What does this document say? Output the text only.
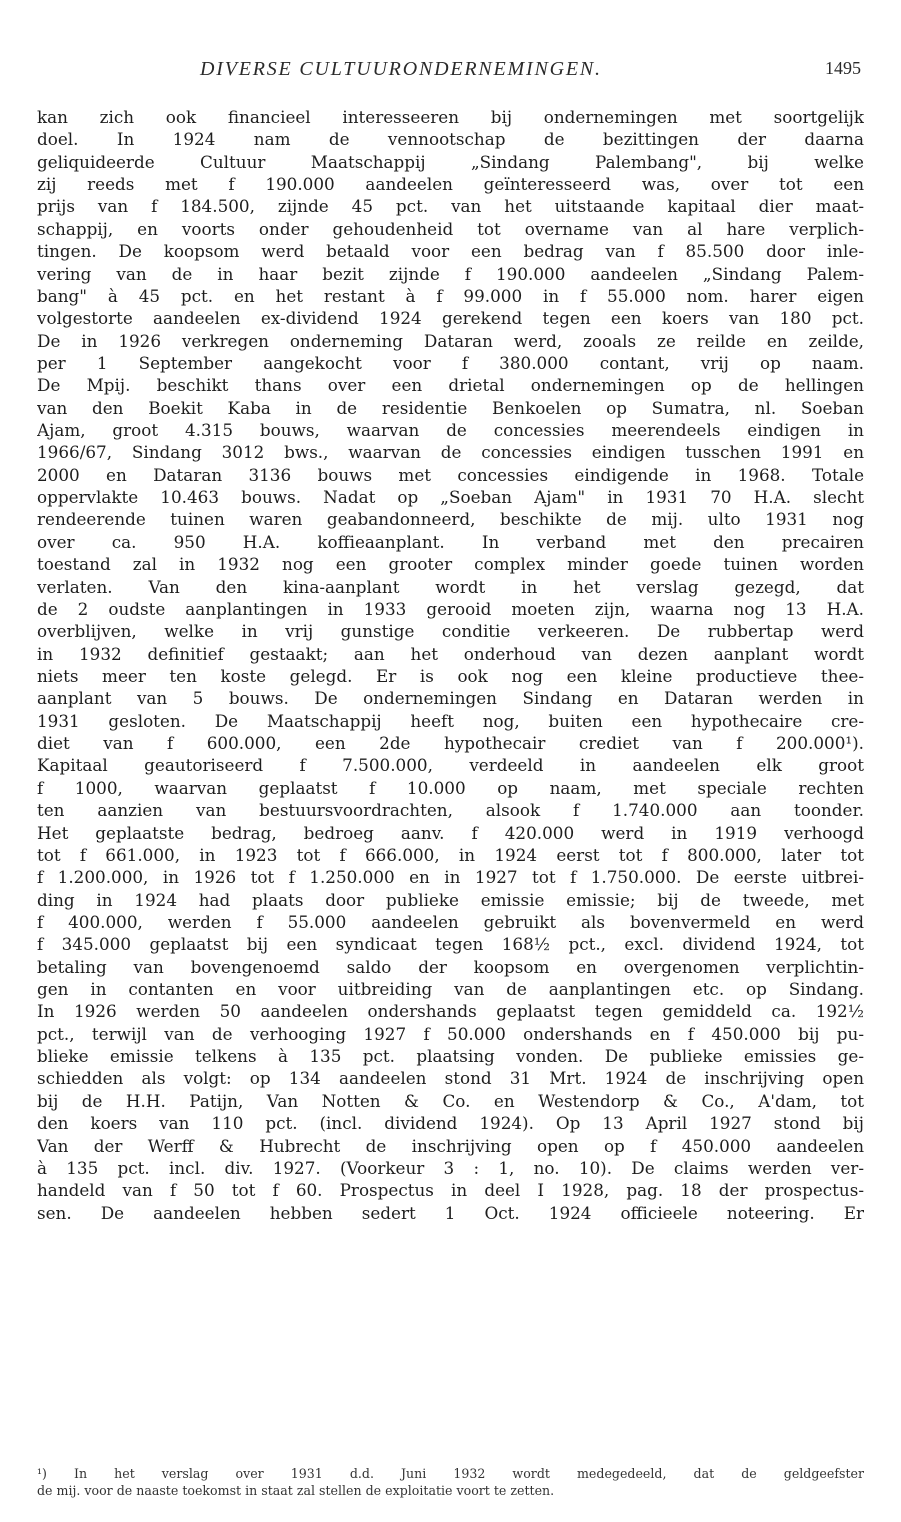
DIVERSE CULTUURONDERNEMINGEN.	1495
kan zich ook financieel interesseeren bij ondernemingen met soortgelijk
doel. In 1924 nam de vennootschap de bezittingen der daarna
geliquideerde Cultuur Maatschappij „Sindang Palembang", bij welke
zij reeds met f 190.000 aandeelen geïnteresseerd was, over tot een
prijs van f 184.500, zijnde 45 pct. van het uitstaande kapitaal dier maat-
schappij, en voorts onder gehoudenheid tot overname van al hare verplich-
tingen. De koopsom werd betaald voor een bedrag van f 85.500 door inle-
vering van de in haar bezit zijnde f 190.000 aandeelen „Sindang Palem-
bang" à 45 pct. en het restant à f 99.000 in f 55.000 nom. harer eigen
volgestorte aandeelen ex-dividend 1924 gerekend tegen een koers van 180 pct.
De in 1926 verkregen onderneming Dataran werd, zooals ze reilde en zeilde,
per 1 September aangekocht voor f 380.000 contant, vrij op naam.
De Mpij. beschikt thans over een drietal ondernemingen op de hellingen
van den Boekit Kaba in de residentie Benkoelen op Sumatra, nl. Soeban
Ajam, groot 4.315 bouws, waarvan de concessies meerendeels eindigen in
1966/67, Sindang 3012 bws., waarvan de concessies eindigen tusschen 1991 en
2000 en Dataran 3136 bouws met concessies eindigende in 1968. Totale
oppervlakte 10.463 bouws. Nadat op „Soeban Ajam" in 1931 70 H.A. slecht
rendeerende tuinen waren geabandonneerd, beschikte de mij. ulto 1931 nog
over ca. 950 H.A. koffieaanplant. In verband met den precairen
toestand zal in 1932 nog een grooter complex minder goede tuinen worden
verlaten. Van den kina-aanplant wordt in het verslag gezegd, dat
de 2 oudste aanplantingen in 1933 gerooid moeten zijn, waarna nog 13 H.A.
overblijven, welke in vrij gunstige conditie verkeeren. De rubbertap werd
in 1932 definitief gestaakt; aan het onderhoud van dezen aanplant wordt
niets meer ten koste gelegd. Er is ook nog een kleine productieve thee-
aanplant van 5 bouws. De ondernemingen Sindang en Dataran werden in
1931 gesloten. De Maatschappij heeft nog, buiten een hypothecaire cre-
diet van f 600.000, een 2de hypothecair crediet van f 200.000¹).
Kapitaal geautoriseerd f 7.500.000, verdeeld in aandeelen elk groot
f 1000, waarvan geplaatst f 10.000 op naam, met speciale rechten
ten aanzien van bestuursvoordrachten, alsook f 1.740.000 aan toonder.
Het geplaatste bedrag, bedroeg aanv. f 420.000 werd in 1919 verhoogd
tot f 661.000, in 1923 tot f 666.000, in 1924 eerst tot f 800.000, later tot
f 1.200.000, in 1926 tot f 1.250.000 en in 1927 tot f 1.750.000. De eerste uitbrei-
ding in 1924 had plaats door publieke emissie emissie; bij de tweede, met
f 400.000, werden f 55.000 aandeelen gebruikt als bovenvermeld en werd
f 345.000 geplaatst bij een syndicaat tegen 168½ pct., excl. dividend 1924, tot
betaling van bovengenoemd saldo der koopsom en overgenomen verplichtin-
gen in contanten en voor uitbreiding van de aanplantingen etc. op Sindang.
In 1926 werden 50 aandeelen ondershands geplaatst tegen gemiddeld ca. 192½
pct., terwijl van de verhooging 1927 f 50.000 ondershands en f 450.000 bij pu-
blieke emissie telkens à 135 pct. plaatsing vonden. De publieke emissies ge-
schiedden als volgt: op 134 aandeelen stond 31 Mrt. 1924 de inschrijving open
bij de H.H. Patijn, Van Notten & Co. en Westendorp & Co., A'dam, tot
den koers van 110 pct. (incl. dividend 1924). Op 13 April 1927 stond bij
Van der Werff & Hubrecht de inschrijving open op f 450.000 aandeelen
à 135 pct. incl. div. 1927. (Voorkeur 3 : 1, no. 10). De claims werden ver-
handeld van f 50 tot f 60. Prospectus in deel I 1928, pag. 18 der prospectus-
sen. De aandeelen hebben sedert 1 Oct. 1924 officieele noteering. Er
¹) In het verslag over 1931 d.d. Juni 1932 wordt medegedeeld, dat de geldgeefster
de mij. voor de naaste toekomst in staat zal stellen de exploitatie voort te zetten.
